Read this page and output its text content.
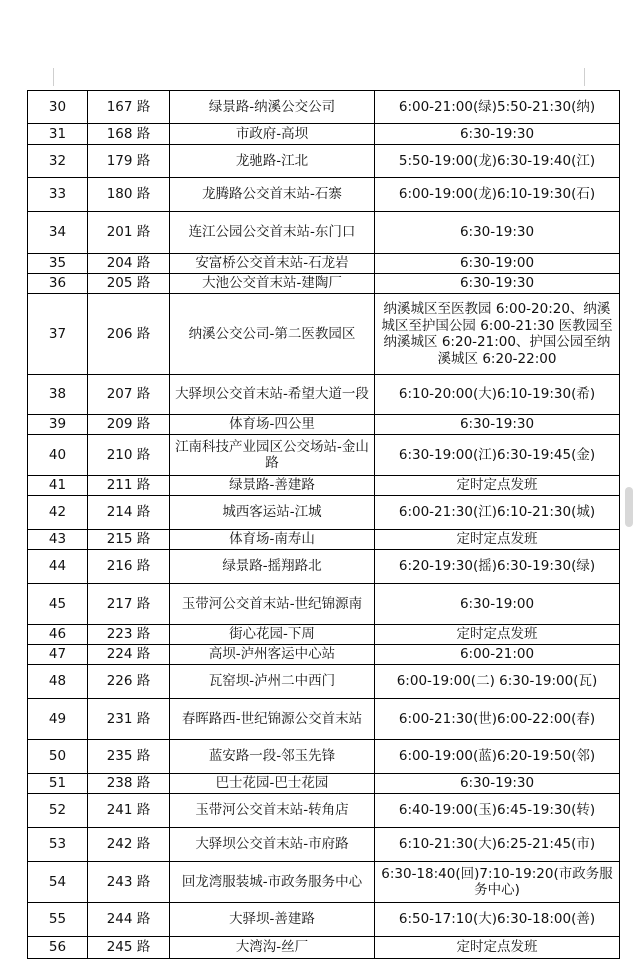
30	167 路	绿景路-纳溪公交公司	6:00-21:00(绿)5:50-21:30(纳)
31	168 路	市政府-高坝	6:30-19:30
32	179 路	龙驰路-江北	5:50-19:00(龙)6:30-19:40(江)
33	180 路	龙腾路公交首末站-石寨	6:00-19:00(龙)6:10-19:30(石)
34	201 路	连江公园公交首末站-东门口	6:30-19:30
35	204 路	安富桥公交首末站-石龙岩	6:30-19:00
36	205 路	大池公交首末站-建陶厂	6:30-19:30
37	206 路	纳溪公交公司-第二医教园区	纳溪城区至医教园 6:00-20:20、纳溪城区至护国公园 6:00-21:30 医教园至纳溪城区 6:20-21:00、护国公园至纳溪城区 6:20-22:00
38	207 路	大驿坝公交首末站-希望大道一段	6:10-20:00(大)6:10-19:30(希)
39	209 路	体育场-四公里	6:30-19:30
40	210 路	江南科技产业园区公交场站-金山路	6:30-19:00(江)6:30-19:45(金)
41	211 路	绿景路-善建路	定时定点发班
42	214 路	城西客运站-江城	6:00-21:30(江)6:10-21:30(城)
43	215 路	体育场-南寿山	定时定点发班
44	216 路	绿景路-摇翔路北	6:20-19:30(摇)6:30-19:30(绿)
45	217 路	玉带河公交首末站-世纪锦源南	6:30-19:00
46	223 路	街心花园-下周	定时定点发班
47	224 路	高坝-泸州客运中心站	6:00-21:00
48	226 路	瓦窑坝-泸州二中西门	6:00-19:00(二) 6:30-19:00(瓦)
49	231 路	春晖路西-世纪锦源公交首末站	6:00-21:30(世)6:00-22:00(春)
50	235 路	蓝安路一段-邻玉先锋	6:00-19:00(蓝)6:20-19:50(邻)
51	238 路	巴士花园-巴士花园	6:30-19:30
52	241 路	玉带河公交首末站-转角店	6:40-19:00(玉)6:45-19:30(转)
53	242 路	大驿坝公交首末站-市府路	6:10-21:30(大)6:25-21:45(市)
54	243 路	回龙湾服装城-市政务服务中心	6:30-18:40(回)7:10-19:20(市政务服务中心)
55	244 路	大驿坝-善建路	6:50-17:10(大)6:30-18:00(善)
56	245 路	大湾沟-丝厂	定时定点发班
